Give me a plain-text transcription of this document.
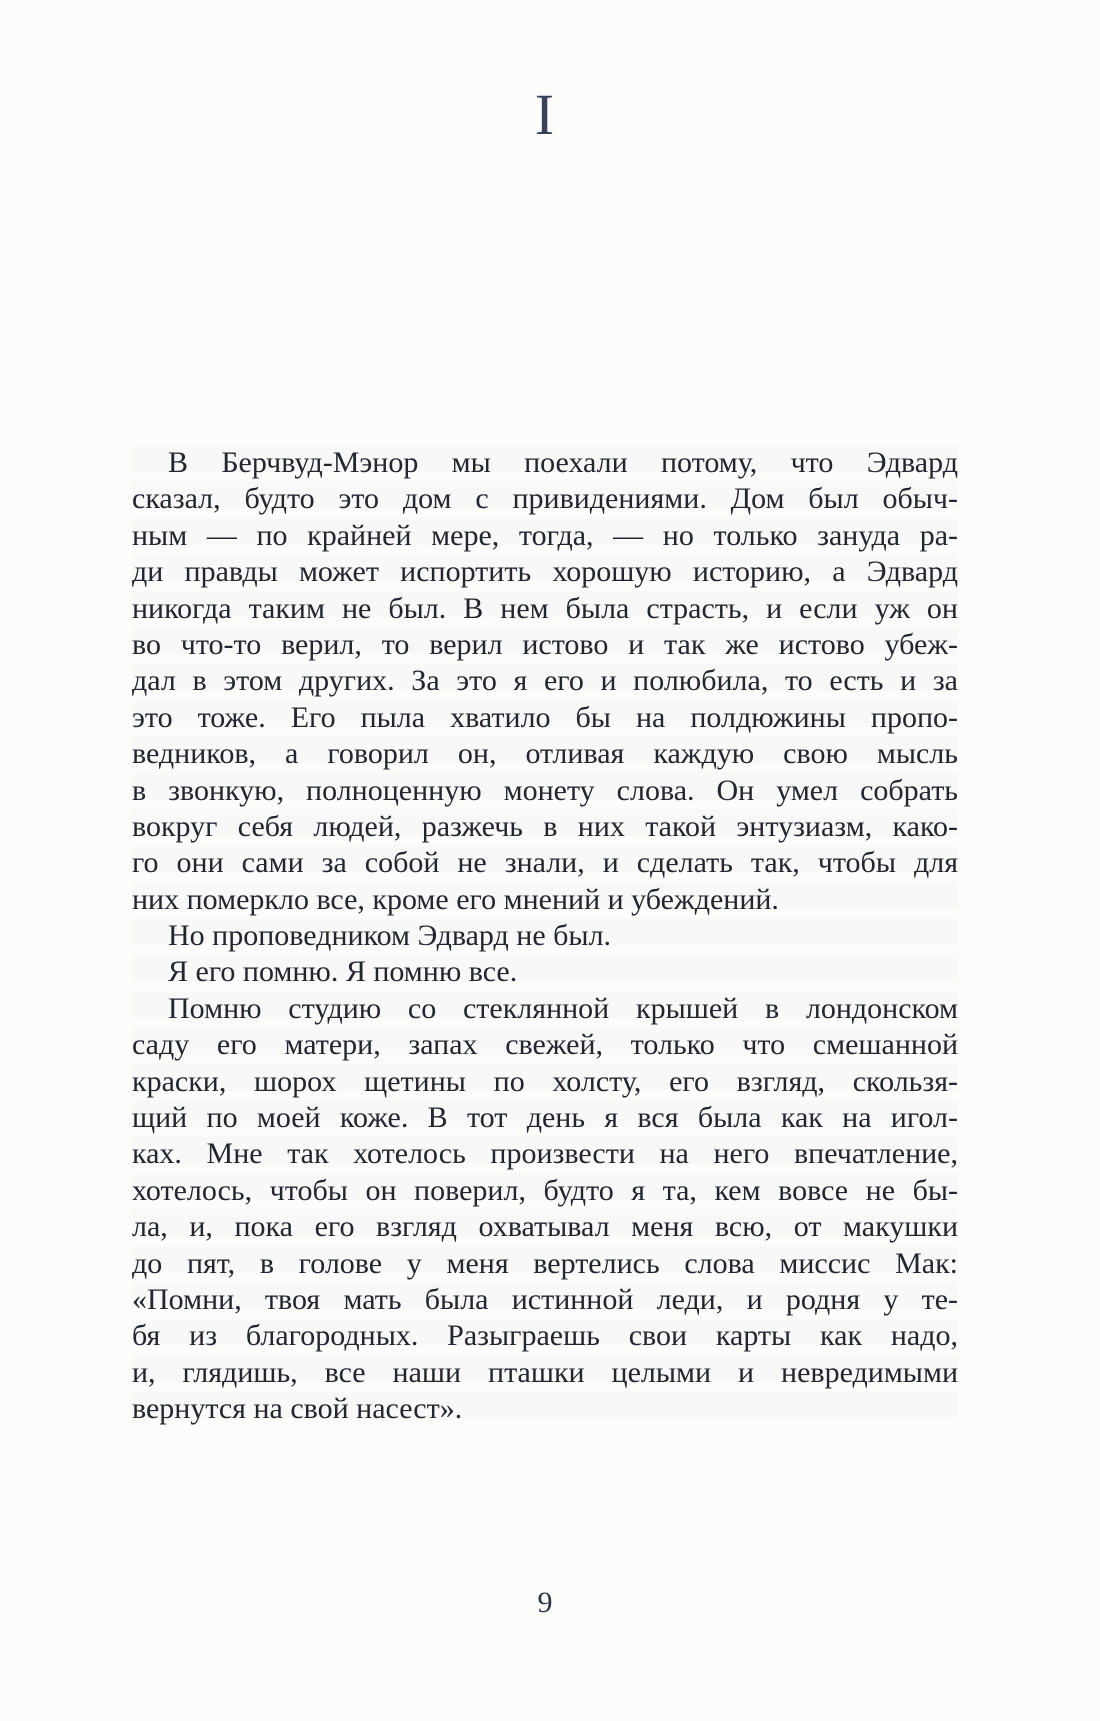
I
В Берчвуд-Мэнор мы поехали потому, что Эдвард
сказал, будто это дом с привидениями. Дом был обыч-
ным — по крайней мере, тогда, — но только зануда ра-
ди правды может испортить хорошую историю, а Эдвард
никогда таким не был. В нем была страсть, и если уж он
во что-то верил, то верил истово и так же истово убеж-
дал в этом других. За это я его и полюбила, то есть и за
это тоже. Его пыла хватило бы на полдюжины пропо-
ведников, а говорил он, отливая каждую свою мысль
в звонкую, полноценную монету слова. Он умел собрать
вокруг себя людей, разжечь в них такой энтузиазм, како-
го они сами за собой не знали, и сделать так, чтобы для
них померкло все, кроме его мнений и убеждений.
Но проповедником Эдвард не был.
Я его помню. Я помню все.
Помню студию со стеклянной крышей в лондонском
саду его матери, запах свежей, только что смешанной
краски, шорох щетины по холсту, его взгляд, скользя-
щий по моей коже. В тот день я вся была как на игол-
ках. Мне так хотелось произвести на него впечатление,
хотелось, чтобы он поверил, будто я та, кем вовсе не бы-
ла, и, пока его взгляд охватывал меня всю, от макушки
до пят, в голове у меня вертелись слова миссис Мак:
«Помни, твоя мать была истинной леди, и родня у те-
бя из благородных. Разыграешь свои карты как надо,
и, глядишь, все наши пташки целыми и невредимыми
вернутся на свой насест».
9
